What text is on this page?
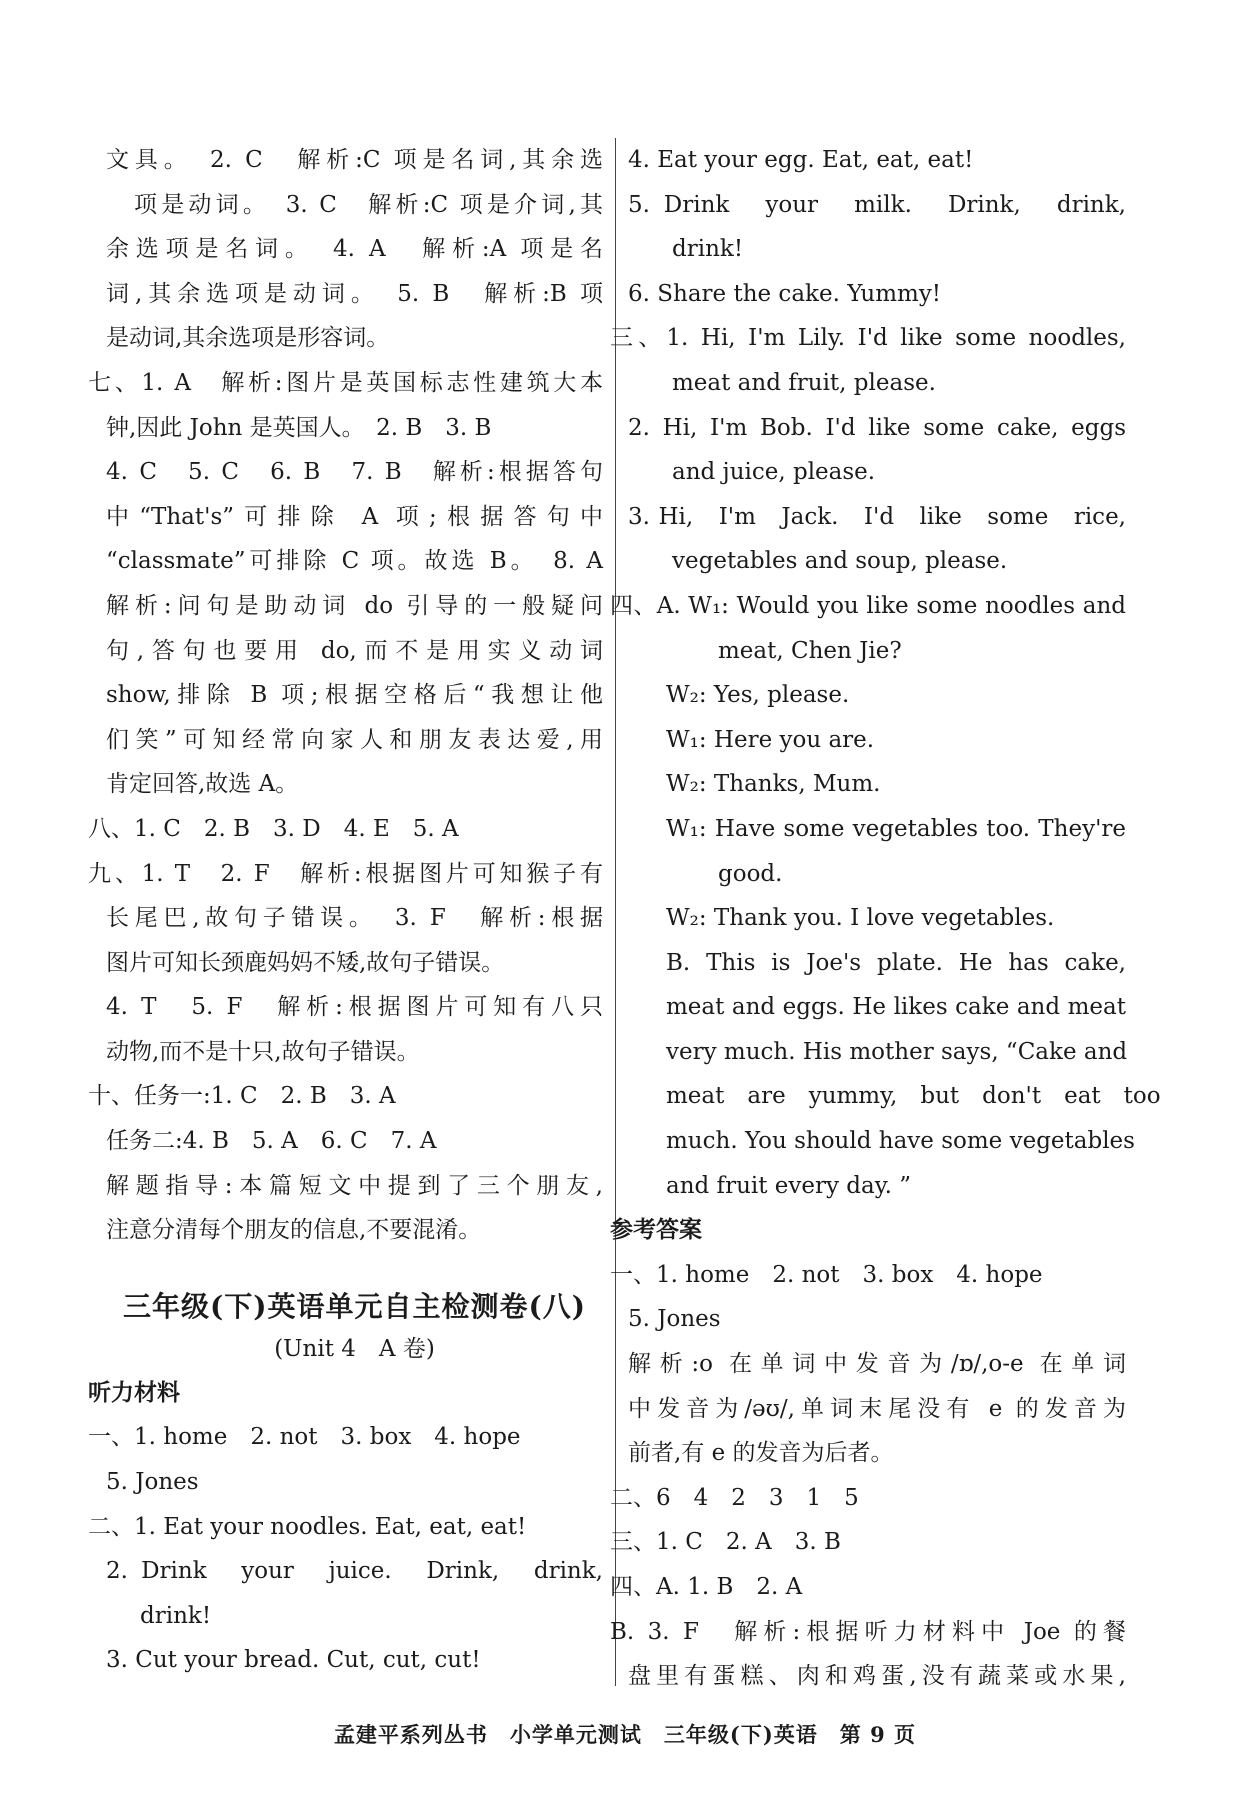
文具。　2. C　解析:C 项是名词,其余选
项是动词。　3. C　解析:C 项是介词,其
余选项是名词。　4. A　解析:A 项是名
词,其余选项是动词。　5. B　解析:B 项
是动词,其余选项是形容词。
七、1. A　解析:图片是英国标志性建筑大本
钟,因此 John 是英国人。　2. B　3. B
4. C　5. C　6. B　7. B　解析:根据答句
中“That's”可排除 A 项;根据答句中
“classmate”可排除 C 项。故选 B。　8. A
解析:问句是助动词 do 引导的一般疑问
句,答句也要用 do,而不是用实义动词
show,排除 B 项;根据空格后“我想让他
们笑”可知经常向家人和朋友表达爱,用
肯定回答,故选 A。
八、1. C　2. B　3. D　4. E　5. A
九、1. T　2. F　解析:根据图片可知猴子有
长尾巴,故句子错误。　3. F　解析:根据
图片可知长颈鹿妈妈不矮,故句子错误。
4. T　5. F　解析:根据图片可知有八只
动物,而不是十只,故句子错误。
十、任务一:1. C　2. B　3. A
任务二:4. B　5. A　6. C　7. A
解题指导:本篇短文中提到了三个朋友,
注意分清每个朋友的信息,不要混淆。
三年级(下)英语单元自主检测卷(八)
(Unit 4　A 卷)
听力材料
一、1. home　2. not　3. box　4. hope
5. Jones
二、1. Eat your noodles. Eat, eat, eat!
2. Drink　your　juice.　Drink,　drink,
drink!
3. Cut your bread. Cut, cut, cut!
4. Eat your egg. Eat, eat, eat!
5. Drink　your　milk.　Drink,　drink,
drink!
6. Share the cake. Yummy!
三、1. Hi, I'm Lily. I'd like some noodles,
meat and fruit, please.
2. Hi, I'm Bob. I'd like some cake, eggs
and juice, please.
3. Hi,　I'm　Jack.　I'd　like　some　rice,
vegetables and soup, please.
四、A. W₁: Would you like some noodles and
meat, Chen Jie?
W₂: Yes, please.
W₁: Here you are.
W₂: Thanks, Mum.
W₁: Have some vegetables too. They're
good.
W₂: Thank you. I love vegetables.
B. This is Joe's plate. He has cake,
meat and eggs. He likes cake and meat
very much. His mother says, “Cake and
meat　are　yummy,　but　don't　eat　too
much. You should have some vegetables
and fruit every day. ”
参考答案
一、1. home　2. not　3. box　4. hope
5. Jones
解析:o 在单词中发音为/ɒ/,o-e 在单词
中发音为/əʊ/,单词末尾没有 e 的发音为
前者,有 e 的发音为后者。
二、6　4　2　3　1　5
三、1. C　2. A　3. B
四、A. 1. B　2. A
B. 3. F　解析:根据听力材料中 Joe 的餐
盘里有蛋糕、肉和鸡蛋,没有蔬菜或水果,
孟建平系列丛书　小学单元测试　三年级(下)英语　第 9 页
